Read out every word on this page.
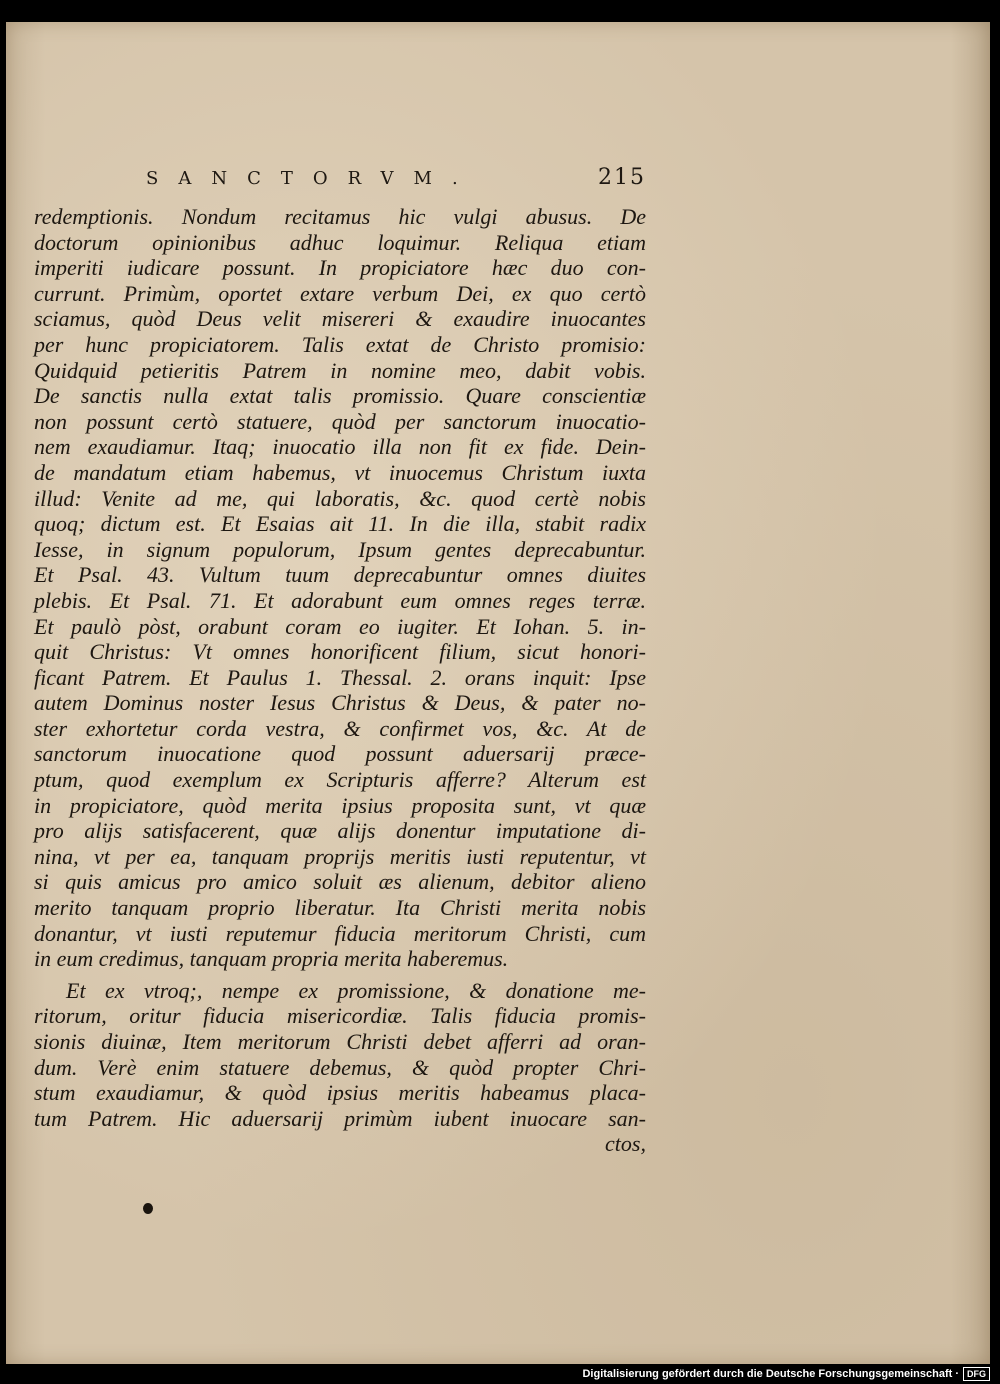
SANCTORVM.	215
redemptionis. Nondum recitamus hic vulgi abusus. De
doctorum opinionibus adhuc loquimur. Reliqua etiam
imperiti iudicare possunt. In propiciatore hæc duo con-
currunt. Primùm, oportet extare verbum Dei, ex quo certò
sciamus, quòd Deus velit misereri & exaudire inuocantes
per hunc propiciatorem. Talis extat de Christo promisio:
Quidquid petieritis Patrem in nomine meo, dabit vobis.
De sanctis nulla extat talis promissio. Quare conscientiæ
non possunt certò statuere, quòd per sanctorum inuocatio-
nem exaudiamur. Itaq; inuocatio illa non fit ex fide. Dein-
de mandatum etiam habemus, vt inuocemus Christum iuxta
illud: Venite ad me, qui laboratis, &c. quod certè nobis
quoq; dictum est. Et Esaias ait 11. In die illa, stabit radix
Iesse, in signum populorum, Ipsum gentes deprecabuntur.
Et Psal. 43. Vultum tuum deprecabuntur omnes diuites
plebis. Et Psal. 71. Et adorabunt eum omnes reges terræ.
Et paulò pòst, orabunt coram eo iugiter. Et Iohan. 5. in-
quit Christus: Vt omnes honorificent filium, sicut honori-
ficant Patrem. Et Paulus 1. Thessal. 2. orans inquit: Ipse
autem Dominus noster Iesus Christus & Deus, & pater no-
ster exhortetur corda vestra, & confirmet vos, &c. At de
sanctorum inuocatione quod possunt aduersarij præce-
ptum, quod exemplum ex Scripturis afferre? Alterum est
in propiciatore, quòd merita ipsius proposita sunt, vt quæ
pro alijs satisfacerent, quæ alijs donentur imputatione di-
nina, vt per ea, tanquam proprijs meritis iusti reputentur, vt
si quis amicus pro amico soluit æs alienum, debitor alieno
merito tanquam proprio liberatur. Ita Christi merita nobis
donantur, vt iusti reputemur fiducia meritorum Christi, cum
in eum credimus, tanquam propria merita haberemus.
Et ex vtroq;, nempe ex promissione, & donatione me-
ritorum, oritur fiducia misericordiæ. Talis fiducia promis-
sionis diuinæ, Item meritorum Christi debet afferri ad oran-
dum. Verè enim statuere debemus, & quòd propter Chri-
stum exaudiamur, & quòd ipsius meritis habeamus placa-
tum Patrem. Hic aduersarij primùm iubent inuocare san-
ctos,
Digitalisierung gefördert durch die Deutsche Forschungsgemeinschaft · DFG
